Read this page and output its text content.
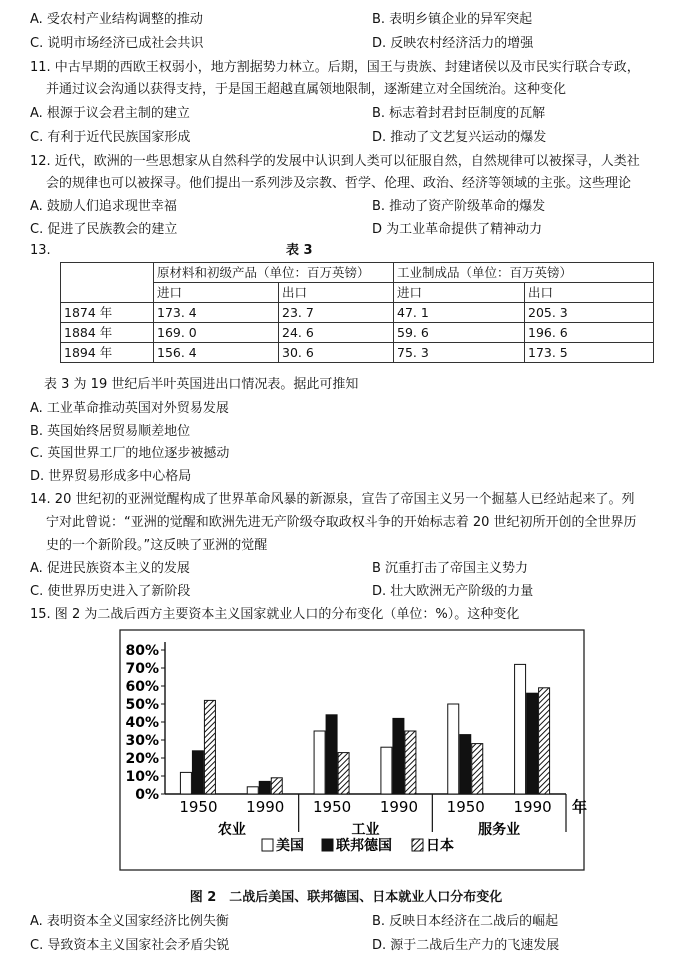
A. 受农村产业结构调整的推动	B. 表明乡镇企业的异军突起
C. 说明市场经济已成社会共识	D. 反映农村经济活力的增强
11. 中古早期的西欧王权弱小，地方割据势力林立。后期，国王与贵族、封建诸侯以及市民实行联合专政，
并通过议会沟通以获得支持，于是国王超越直属领地限制，逐渐建立对全国统治。这种变化
A. 根源于议会君主制的建立	B. 标志着封君封臣制度的瓦解
C. 有利于近代民族国家形成	D. 推动了文艺复兴运动的爆发
12. 近代，欧洲的一些思想家从自然科学的发展中认识到人类可以征服自然，自然规律可以被探寻，人类社
会的规律也可以被探寻。他们提出一系列涉及宗教、哲学、伦理、政治、经济等领域的主张。这些理论
A. 鼓励人们追求现世幸福	B. 推动了资产阶级革命的爆发
C. 促进了民族教会的建立	D 为工业革命提供了精神动力
13.	表 3
	原材料和初级产品（单位：百万英镑）		工业制成品（单位：百万英镑）	
	进口	出口	进口	出口
1874 年	173. 4	23. 7	47. 1	205. 3
1884 年	169. 0	24. 6	59. 6	196. 6
1894 年	156. 4	30. 6	75. 3	173. 5
表 3 为 19 世纪后半叶英国进出口情况表。据此可推知
A. 工业革命推动英国对外贸易发展
B. 英国始终居贸易顺差地位
C. 英国世界工厂的地位逐步被撼动
D. 世界贸易形成多中心格局
14. 20 世纪初的亚洲觉醒构成了世界革命风暴的新源泉，宣告了帝国主义另一个掘墓人已经站起来了。列
宁对此曾说：“亚洲的觉醒和欧洲先进无产阶级夺取政权斗争的开始标志着 20 世纪初所开创的全世界历
史的一个新阶段。”这反映了亚洲的觉醒
A. 促进民族资本主义的发展	B 沉重打击了帝国主义势力
C. 使世界历史进入了新阶段	D. 壮大欧洲无产阶级的力量
15. 图 2 为二战后西方主要资本主义国家就业人口的分布变化（单位：%）。这种变化
0%
10%
20%
30%
40%
50%
60%
70%
80%
1950 1990 1950 1990 1950 1990
农业	工业	服务业
年
美国 联邦德国 日本
图 2　二战后美国、联邦德国、日本就业人口分布变化
A. 表明资本全义国家经济比例失衡	B. 反映日本经济在二战后的崛起
C. 导致资本主义国家社会矛盾尖锐	D. 源于二战后生产力的飞速发展
